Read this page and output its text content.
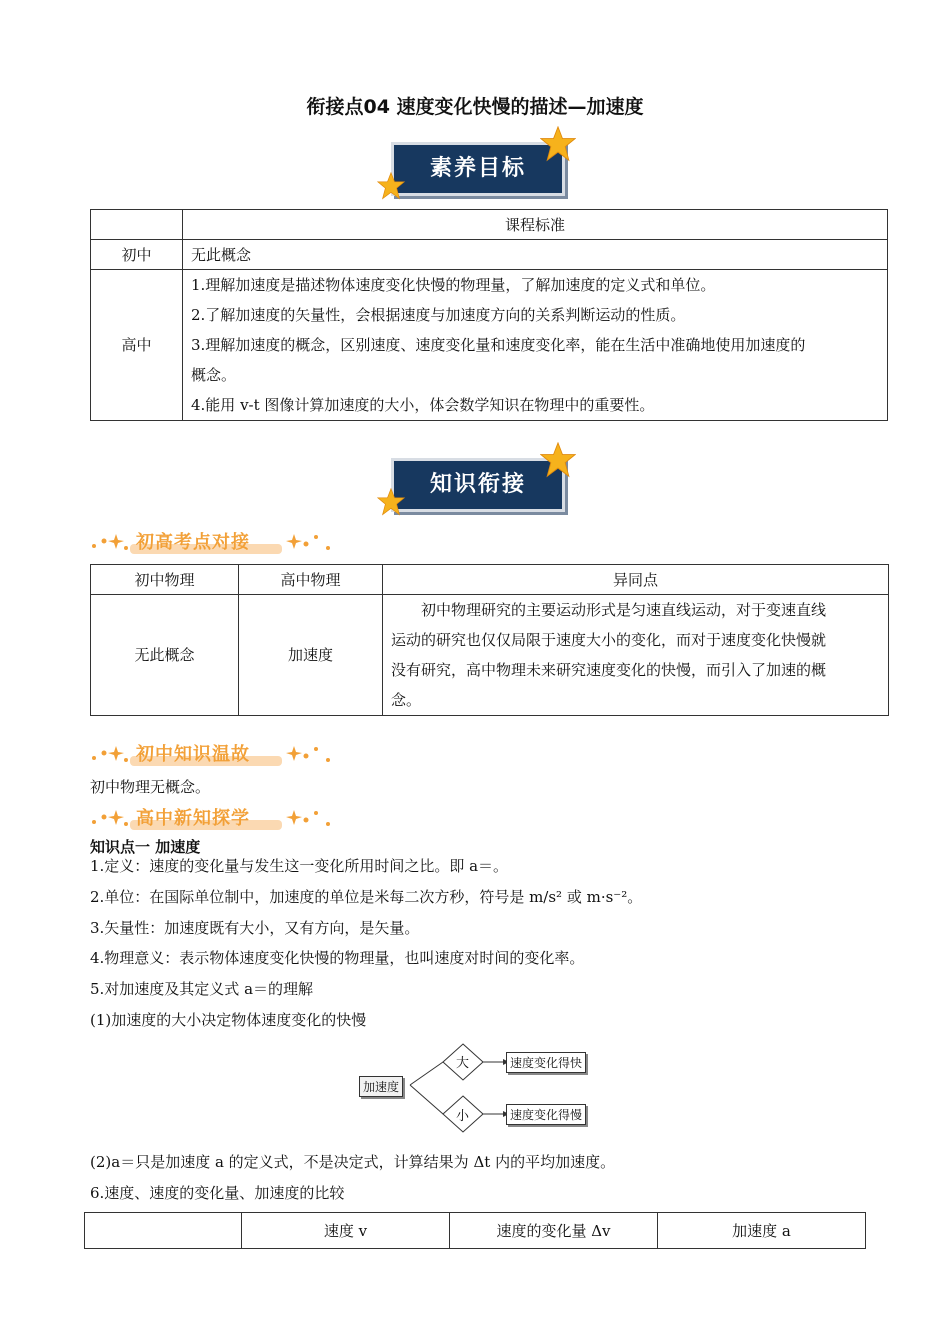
衔接点04 速度变化快慢的描述—加速度
素养目标
	课程标准
初中	无此概念
高中	1.理解加速度是描述物体速度变化快慢的物理量，了解加速度的定义式和单位。
2.了解加速度的矢量性，会根据速度与加速度方向的关系判断运动的性质。
3.理解加速度的概念，区别速度、速度变化量和速度变化率，能在生活中准确地使用加速度的
概念。
4.能用 v-t 图像计算加速度的大小，体会数学知识在物理中的重要性。
知识衔接
初高考点对接
初中物理	高中物理	异同点
无此概念	加速度	初中物理研究的主要运动形式是匀速直线运动，对于变速直线
运动的研究也仅仅局限于速度大小的变化，而对于速度变化快慢就
没有研究，高中物理未来研究速度变化的快慢，而引入了加速的概
念。
初中知识温故
初中物理无概念。
高中新知探学
知识点一 加速度
1.定义：速度的变化量与发生这一变化所用时间之比。即 a＝。
2.单位：在国际单位制中，加速度的单位是米每二次方秒，符号是 m/s² 或 m·s⁻²。
3.矢量性：加速度既有大小，又有方向，是矢量。
4.物理意义：表示物体速度变化快慢的物理量，也叫速度对时间的变化率。
5.对加速度及其定义式 a＝的理解
(1)加速度的大小决定物体速度变化的快慢
加速度
大
小
速度变化得快
速度变化得慢
(2)a＝只是加速度 a 的定义式，不是决定式，计算结果为 Δt 内的平均加速度。
6.速度、速度的变化量、加速度的比较
	速度 v	速度的变化量 Δv	加速度 a
